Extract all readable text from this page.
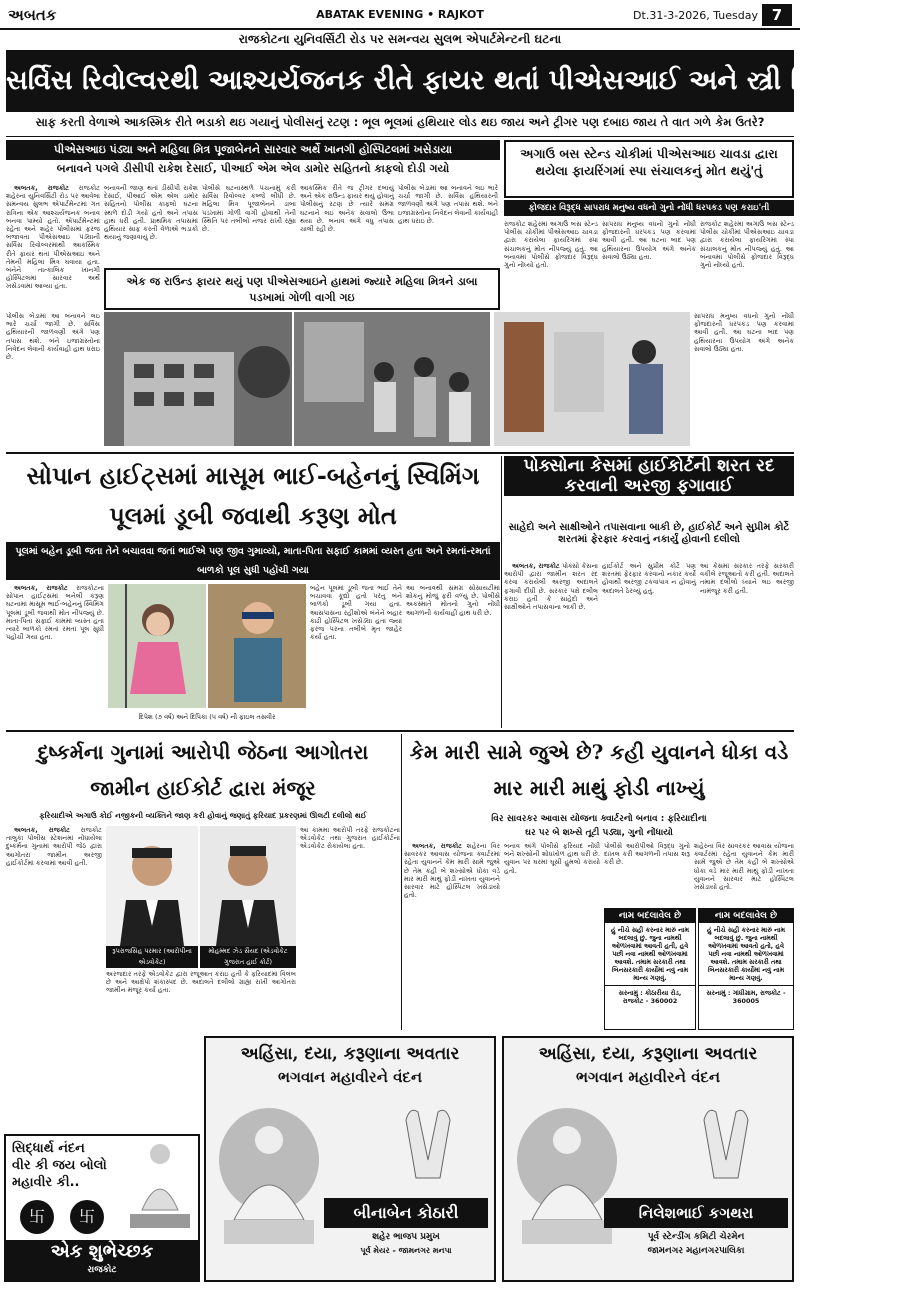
અબતક	ABATAK EVENING • RAJKOT	Dt.31-3-2026, Tuesday 7
રાજકોટના યુનિવર્સિટી રોડ પર સમન્વય સુલભ એપાર્ટમેન્ટની ઘટના
સર્વિસ રિવોલ્વરથી આશ્ચર્યજનક રીતે ફાયર થતાં પીએસઆઈ અને સ્ત્રી મિત્ર ઘવાયા
સાફ કરતી વેળાએ આકસ્મિક રીતે ભડાકો થઇ ગયાનું પોલીસનું રટણ : ભૂલ ભૂલમાં હથિયાર લોડ થઇ જાય અને ટ્રીગર પણ દબાઇ જાય તે વાત ગળે કેમ ઉતરે?
પીએસઆઇ પંડ્યા અને મહિલા મિત્ર પૂજાબેનને સારવાર અર્થે ખાનગી હોસ્પિટલમાં ખસેડાયા
બનાવને પગલે ડીસીપી રાકેશ દેસાઈ, પીઆઈ એમ એલ ડામોર સહિતનો કાફલો દોડી ગયો

અબતક, રાજકોટ રાજકોટ શહેરના યુનિવર્સિટી રોડ પર આવેલા સમન્વય સુલભ એપાર્ટમેન્ટમાં ગત રાત્રિના એક આશ્ચર્યજનક બનાવ બનવા પામ્યો હતો. એપાર્ટમેન્ટમાં રહેતા અને શહેર પોલીસમાં ફરજ બજાવતા પીએસઆઇ પંડ્યાની સર્વિસ રિવોલ્વરમાંથી આકસ્મિક રીતે ફાયર થતાં પીએસઆઇ અને તેમની મહિલા મિત્ર ઘવાયા હતા. બંનેને તાત્કાલિક ખાનગી હોસ્પિટલમાં સારવાર અર્થે ખસેડવામાં આવ્યા હતા.

બનાવની જાણ થતાં ડીસીપી રાકેશ દેસાઈ, પીઆઈ એમ એલ ડામોર સહિતનો પોલીસ કાફલો ઘટના સ્થળે દોડી ગયો હતો અને તપાસ હાથ ધરી હતી. પ્રાથમિક તપાસમાં હથિયાર સાફ કરતી વેળાએ ભડાકો થયાનું જણાવાયું છે.
પોલીસે ઘટનાસ્થળે પંચનામું કરી સર્વિસ રિવોલ્વર કબ્જે લીધી છે. મહિલા મિત્ર પૂજાબેનને ડાબા પડખામાં ગોળી વાગી હોવાથી તેની સ્થિતિ પર તબીબો નજર રાખી રહ્યા છે.
આકસ્મિક રીતે જ ટ્રીગર દબાયું અને એક રાઉન્ડ ફાયર થયું હોવાનું પોલીસનું રટણ છે ત્યારે સમગ્ર ઘટનાને લઇ અનેક સવાલો ઉભા થયા છે. બનાવ અંગે વધુ તપાસ ચાલી રહી છે.
પોલીસ બેડામાં આ બનાવને લઇ ભારે ચર્ચા જાગી છે. સર્વિસ હથિયારની જાળવણી અંગે પણ તપાસ થશે. બંને ઇજાગ્રસ્તોના નિવેદન લેવાની કાર્યવાહી હાથ ધરાઇ છે.
એક જ રાઉન્ડ ફાયર થયું પણ પીએસઆઇને હાથમાં જ્યારે મહિલા મિત્રને ડાબા પડખામાં ગોળી વાગી ગઇ
પોલીસ બેડામાં આ બનાવને લઇ ભારે ચર્ચા જાગી છે. સર્વિસ હથિયારની જાળવણી અંગે પણ તપાસ થશે. બંને ઇજાગ્રસ્તોના નિવેદન લેવાની કાર્યવાહી હાથ ધરાઇ છે.
સાપરાધ મનુષ્ય વધનો ગુનો નોંધી ફોજદારની ધરપકડ પણ કરવામાં આવી હતી. આ ઘટના બાદ પણ હથિયારના ઉપયોગ અંગે અનેક સવાલો ઉઠ્યા હતા.
અગાઉ બસ સ્ટેન્ડ ચોકીમાં પીએસઆઇ ચાવડા દ્વારા થયેલા ફાયરિંગમાં સ્પા સંચાલકનું મોત થયું'તું
ફોજદાર વિરૂદ્ધ સાપરાધ મનુષ્ય વધનો ગુનો નોંધી ધરપકડ પણ કરાઇ'તી
રાજકોટ શહેરમાં અગાઉ બસ સ્ટેન્ડ પોલીસ ચોકીમાં પીએસઆઇ ચાવડા દ્વારા કરાયેલા ફાયરિંગમાં સ્પા સંચાલકનું મોત નીપજ્યું હતું. આ બનાવમાં પોલીસે ફોજદાર વિરૂદ્ધ ગુનો નોંધ્યો હતો.
સાપરાધ મનુષ્ય વધનો ગુનો નોંધી ફોજદારની ધરપકડ પણ કરવામાં આવી હતી. આ ઘટના બાદ પણ હથિયારના ઉપયોગ અંગે અનેક સવાલો ઉઠ્યા હતા.
રાજકોટ શહેરમાં અગાઉ બસ સ્ટેન્ડ પોલીસ ચોકીમાં પીએસઆઇ ચાવડા દ્વારા કરાયેલા ફાયરિંગમાં સ્પા સંચાલકનું મોત નીપજ્યું હતું. આ બનાવમાં પોલીસે ફોજદાર વિરૂદ્ધ ગુનો નોંધ્યો હતો.
સોપાન હાઈટ્સમાં માસૂમ ભાઈ-બહેનનું સ્વિમિંગ પૂલમાં ડૂબી જવાથી કરૂણ મોત
પૂલમાં બહેન ડૂબી જતા તેને બચાવવા જતાં ભાઈએ પણ જીવ ગુમાવ્યો, માતા-પિતા સફાઈ કામમાં વ્યસ્ત હતા અને રમતાં-રમતાં બાળકો પૂલ સુધી પહોંચી ગયા

અબતક, રાજકોટ રાજકોટના સોપાન હાઈટ્સમાં બનેલી કરૂણ ઘટનામાં માસૂમ ભાઈ-બહેનનું સ્વિમિંગ પૂલમાં ડૂબી જવાથી મોત નીપજ્યું છે. માતા-પિતા સફાઈ કામમાં વ્યસ્ત હતા ત્યારે બાળકો રમતાં રમતાં પૂલ સુધી પહોંચી ગયા હતા.

દિપેશ (૭ વર્ષ) અને દિપિકા (૫ વર્ષ) ની ફાઇલ તસવીર
બહેન પૂલમાં ડૂબી જતા ભાઈ તેને બચાવવા કૂદ્યો હતો પરંતુ બંને બાળકો ડૂબી ગયા હતા. આસપાસના રહીશોએ બંનેને બહાર કાઢી હોસ્પિટલ ખસેડ્યા હતા જ્યાં ફરજ પરના તબીબે મૃત જાહેર કર્યા હતા.
આ બનાવથી સમગ્ર સોસાયટીમાં શોકનું મોજું ફરી વળ્યું છે. પોલીસે અકસ્માતે મોતનો ગુનો નોંધી આગળની કાર્યવાહી હાથ ધરી છે.
પોક્સોના કેસમાં હાઈકોર્ટની શરત રદ કરવાની અરજી ફગાવાઈ
સાહેદો અને સાક્ષીઓને તપાસવાના બાકી છે, હાઈકોર્ટ અને સુપ્રીમ કોર્ટે શરતમાં ફેરફાર કરવાનું નકાર્યું હોવાની દલીલો

અબતક, રાજકોટ પોક્સો કેસના આરોપી દ્વારા જામીન શરત રદ કરવા કરાયેલી અરજી અદાલતે ફગાવી દીધી છે. સરકાર પક્ષે દલીલ કરાઇ હતી કે સાહેદો અને સાક્ષીઓને તપાસવાના બાકી છે.

હાઈકોર્ટ અને સુપ્રીમ કોર્ટે પણ શરતમાં ફેરફાર કરવાનો નકાર કર્યો હોવાથી અરજી ટકવાપાત્ર ન હોવાનું અદાલતે ઠેરવ્યું હતું.
આ કેસમાં સરકાર તરફે સરકારી વકીલે રજૂઆતો કરી હતી. અદાલતે તમામ દલીલો ધ્યાને લઇ અરજી નામંજૂર કરી હતી.
દુષ્કર્મના ગુનામાં આરોપી જેઠના આગોતરા જામીન હાઈકોર્ટ દ્વારા મંજૂર
ફરિયાદીએ અગાઉ કોઈ નજીકની વ્યક્તિને જાણ કરી હોવાનું જણાતું ફરિયાદ પ્રકરણમાં ઊલટી દલીલો થઈ

અબતક, રાજકોટ રાજકોટ તાલુકા પોલીસ સ્ટેશનમાં નોંધાયેલા દુષ્કર્મના ગુનામાં આરોપી જેઠ દ્વારા આગોતરા જામીન અરજી હાઈકોર્ટમાં કરવામાં આવી હતી.

રૂપરાજસિંહ પરમાર (આરોપીના એડવોકેટ)
મોહમ્મદ ઝેડ સૈયદ (એડવોકેટ ગુજરાત હાઈ કોર્ટ)
અરજદાર તરફે એડવોકેટ દ્વારા રજૂઆત કરાઇ હતી કે ફરિયાદમાં વિલંબ છે અને આક્ષેપો શંકાસ્પદ છે. અદાલતે દલીલો ગ્રાહ્ય રાખી આગોતરા જામીન મંજૂર કર્યા હતા.
આ કામમાં આરોપી તરફે રાજકોટના એડવોકેટ તથા ગુજરાત હાઈકોર્ટના એડવોકેટ રોકાયેલા હતા.
કેમ મારી સામે જુએ છે? કહી યુવાનને ધોકા વડે માર મારી માથું ફોડી નાખ્યું
વિર સાવરકર આવાસ યોજના ક્વાર્ટરનો બનાવ : ફરિયાદીના
ઘર પર બે શખ્સે તૂટી પડ્યા, ગુનો નોંધાયો

અબતક, રાજકોટ શહેરના વિર સાવરકર આવાસ યોજના ક્વાર્ટરમાં રહેતા યુવાનને કેમ મારી સામે જુએ છે તેમ કહી બે શખ્સોએ ધોકા વડે માર મારી માથું ફોડી નાખતા યુવાનને સારવાર માટે હોસ્પિટલ ખસેડાયો હતો.

બનાવ અંગે પોલીસે ફરિયાદ નોંધી બંને શખ્સોની શોધખોળ હાથ ધરી છે. યુવાન પર ઘરમાં ઘૂસી હુમલો કરાયો હતો.
પોલીસે આરોપીઓ વિરૂદ્ધ ગુનો દાખલ કરી આગળની તપાસ શરૂ કરી છે.
શહેરના વિર સાવરકર આવાસ યોજના ક્વાર્ટરમાં રહેતા યુવાનને કેમ મારી સામે જુએ છે તેમ કહી બે શખ્સોએ ધોકા વડે માર મારી માથું ફોડી નાખતા યુવાનને સારવાર માટે હોસ્પિટલ ખસેડાયો હતો.
નામ બદલાવેલ છે
હું નીચે સહી કરનાર મારું નામ બદલાવું છું. જુના નામથી ઓળખવામાં આવતી હતી, હવે પછી નવા નામથી ઓળખવામાં આવશે. તમામ સરકારી તથા બિનસરકારી કાર્યોમાં નવું નામ માન્ય ગણવું.
સરનામું : કોઠારીયા રોડ, રાજકોટ - 360002
નામ બદલાવેલ છે
હું નીચે સહી કરનાર મારું નામ બદલાવું છું. જુના નામથી ઓળખવામાં આવતો હતો, હવે પછી નવા નામથી ઓળખવામાં આવશે. તમામ સરકારી તથા બિનસરકારી કાર્યોમાં નવું નામ માન્ય ગણવું.
સરનામું : ગાંધીગ્રામ, રાજકોટ - 360005
સિદ્ધાર્થ નંદન
વીર કી જય બોલો
મહાવીર કી..
卐	卐
એક શુભેચ્છક
રાજકોટ
અહિંસા, દયા, કરૂણાના અવતાર
ભગવાન મહાવીરને વંદન
બીનાબેન કોઠારી
શહેર ભાજપ પ્રમુખ
પૂર્વ મેયર - જામનગર મનપા
અહિંસા, દયા, કરૂણાના અવતાર
ભગવાન મહાવીરને વંદન
નિલેશભાઈ કગથરા
પૂર્વ સ્ટેન્ડીંગ કમિટી ચેરમેન
જામનગર મહાનગરપાલિકા
